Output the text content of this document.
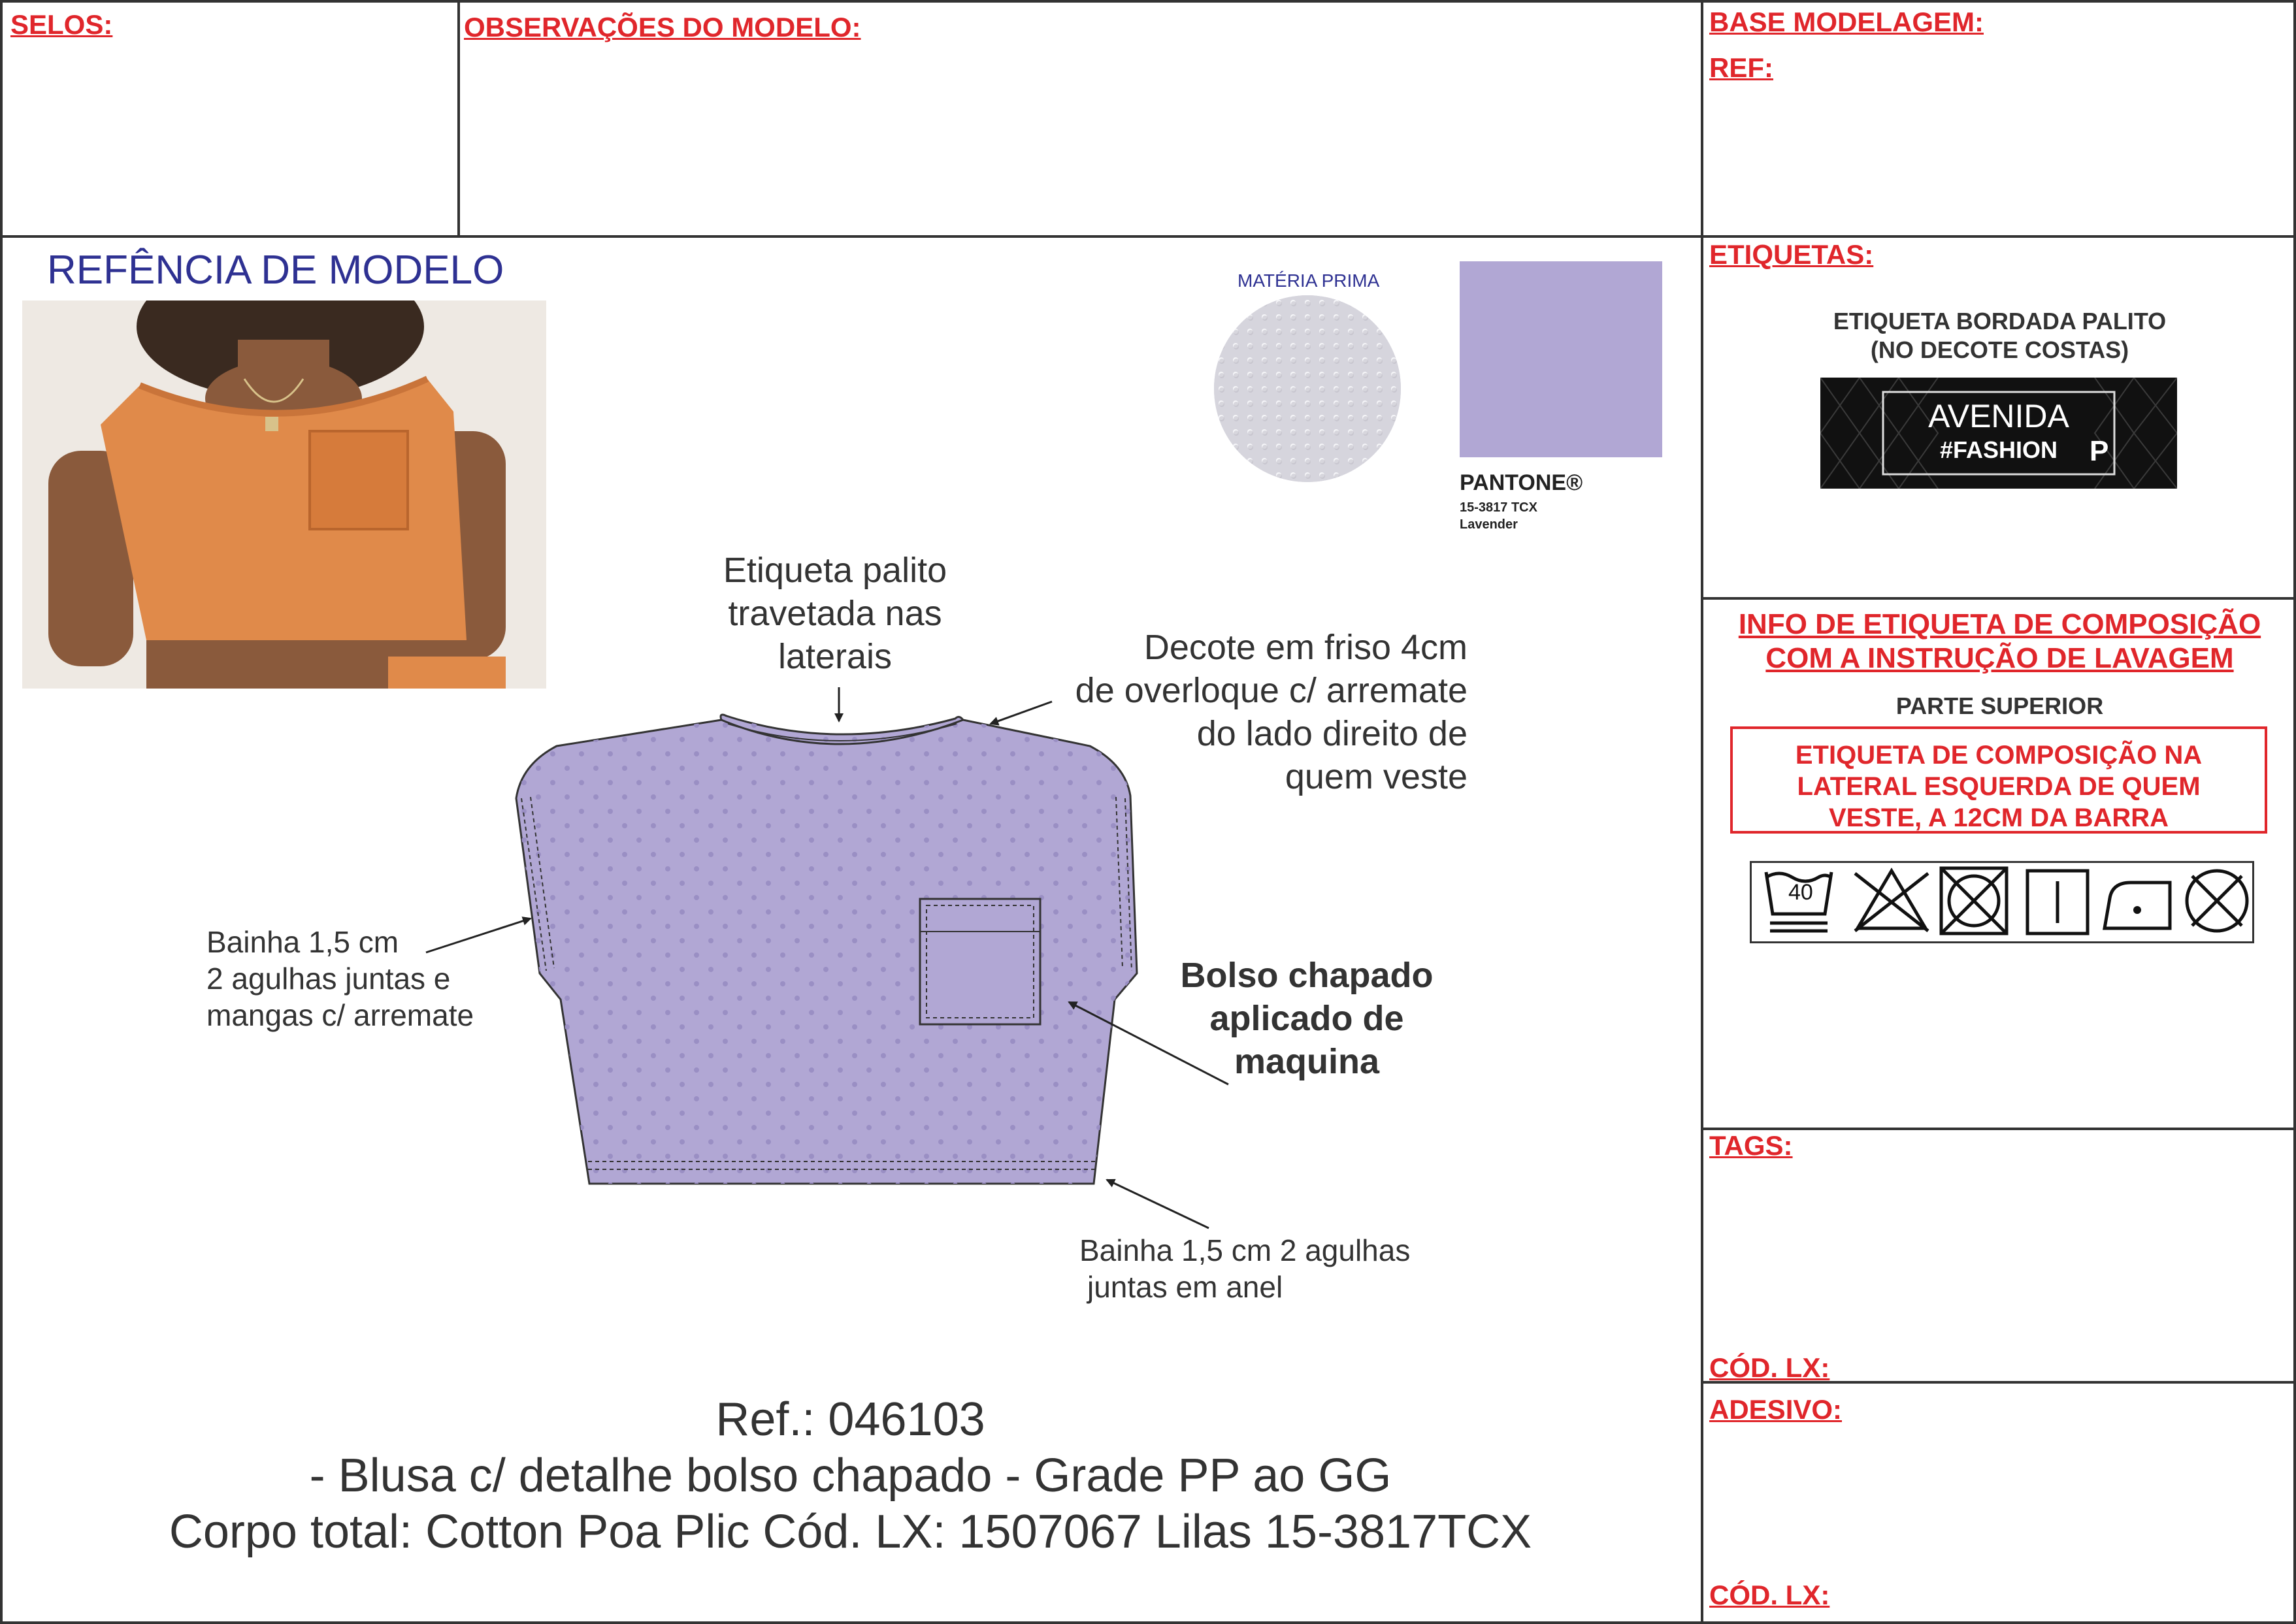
SELOS:	OBSERVAÇÕES DO MODELO:	BASE MODELAGEM:
REF:
REFÊNCIA DE MODELO	MATÉRIA PRIMA
PANTONE®
15-3817 TCX
Lavender
Etiqueta palito
travetada nas
laterais	Decote em friso 4cm
de overloque c/ arremate
do lado direito de
quem veste
Bainha 1,5 cm
2 agulhas juntas e
mangas c/ arremate
Bolso chapado
aplicado de
maquina
Bainha 1,5 cm 2 agulhas
juntas em anel
Ref.: 046103
- Blusa c/ detalhe bolso chapado - Grade PP ao GG
Corpo total: Cotton Poa Plic Cód. LX: 1507067 Lilas 15-3817TCX
ETIQUETAS:
ETIQUETA BORDADA PALITO
(NO DECOTE COSTAS)
AVENIDA
#FASHION	P
INFO DE ETIQUETA DE COMPOSIÇÃO
COM A INSTRUÇÃO DE LAVAGEM
PARTE SUPERIOR
ETIQUETA DE COMPOSIÇÃO NA
LATERAL ESQUERDA DE QUEM
VESTE, A 12CM DA BARRA
40
TAGS:
CÓD. LX:
ADESIVO:
CÓD. LX:
